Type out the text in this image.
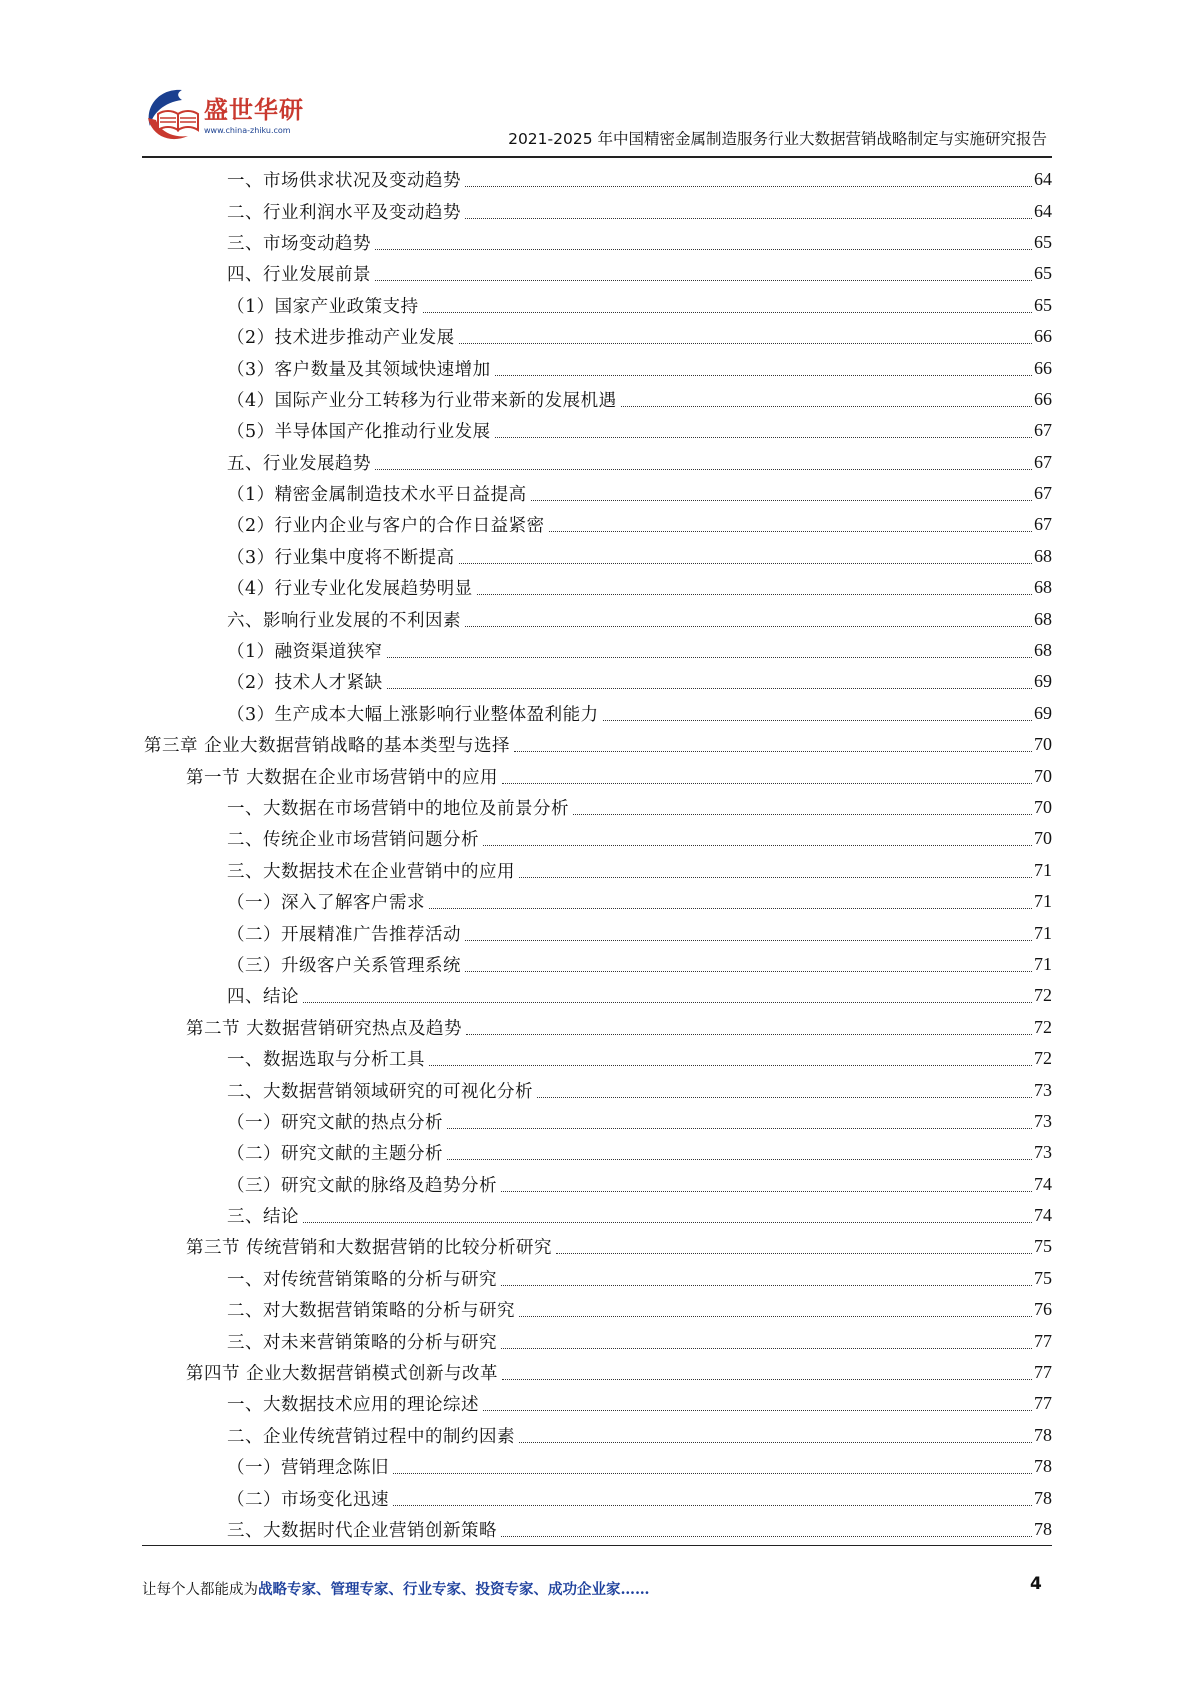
盛世华研
www.china-zhiku.com	2021-2025 年中国精密金属制造服务行业大数据营销战略制定与实施研究报告
一、市场供求状况及变动趋势	64
二、行业利润水平及变动趋势	64
三、市场变动趋势	65
四、行业发展前景	65
（1）国家产业政策支持	65
（2）技术进步推动产业发展	66
（3）客户数量及其领域快速增加	66
（4）国际产业分工转移为行业带来新的发展机遇	66
（5）半导体国产化推动行业发展	67
五、行业发展趋势	67
（1）精密金属制造技术水平日益提高	67
（2）行业内企业与客户的合作日益紧密	67
（3）行业集中度将不断提高	68
（4）行业专业化发展趋势明显	68
六、影响行业发展的不利因素	68
（1）融资渠道狭窄	68
（2）技术人才紧缺	69
（3）生产成本大幅上涨影响行业整体盈利能力	69
第三章 企业大数据营销战略的基本类型与选择	70
第一节 大数据在企业市场营销中的应用	70
一、大数据在市场营销中的地位及前景分析	70
二、传统企业市场营销问题分析	70
三、大数据技术在企业营销中的应用	71
（一）深入了解客户需求	71
（二）开展精准广告推荐活动	71
（三）升级客户关系管理系统	71
四、结论	72
第二节 大数据营销研究热点及趋势	72
一、数据选取与分析工具	72
二、大数据营销领域研究的可视化分析	73
（一）研究文献的热点分析	73
（二）研究文献的主题分析	73
（三）研究文献的脉络及趋势分析	74
三、结论	74
第三节 传统营销和大数据营销的比较分析研究	75
一、对传统营销策略的分析与研究	75
二、对大数据营销策略的分析与研究	76
三、对未来营销策略的分析与研究	77
第四节 企业大数据营销模式创新与改革	77
一、大数据技术应用的理论综述	77
二、企业传统营销过程中的制约因素	78
（一）营销理念陈旧	78
（二）市场变化迅速	78
三、大数据时代企业营销创新策略	78
让每个人都能成为战略专家、管理专家、行业专家、投资专家、成功企业家……	4
